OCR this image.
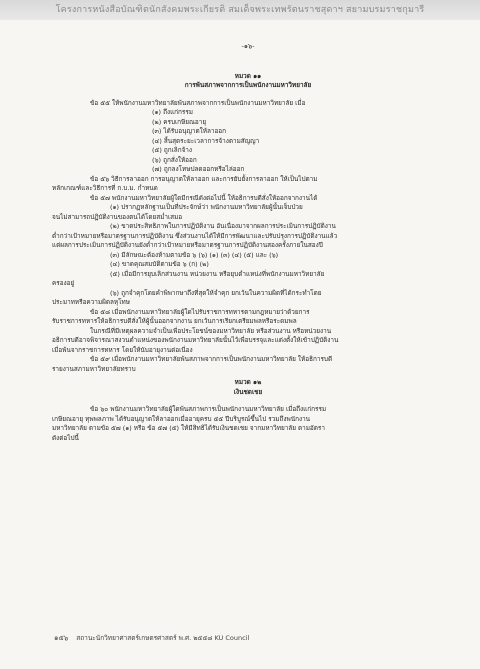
โครงการหนังสือบัณฑิตนักสังคมพระเกียรติ สมเด็จพระเทพรัตนราชสุดาฯ สยามบรมราชกุมารี
-๑๖-
หมวด ๑๑
การพ้นสภาพจากการเป็นพนักงานมหาวิทยาลัย

ข้อ ๕๕ ให้พนักงานมหาวิทยาลัยพ้นสภาพจากการเป็นพนักงานมหาวิทยาลัย เมื่อ

(๑) ถึงแก่กรรม

(๒) ครบเกษียณอายุ

(๓) ได้รับอนุญาตให้ลาออก

(๔) สิ้นสุดระยะเวลาการจ้างตามสัญญา

(๕) ถูกเลิกจ้าง

(๖) ถูกสั่งให้ออก

(๗) ถูกลงโทษปลดออกหรือไล่ออก

ข้อ ๕๖ วิธีการลาออก การอนุญาตให้ลาออก และการยับยั้งการลาออก ให้เป็นไปตาม

หลักเกณฑ์และวิธีการที่ ก.บ.ม. กำหนด

ข้อ ๕๗ พนักงานมหาวิทยาลัยผู้ใดมีกรณีดังต่อไปนี้ ให้อธิการบดีสั่งให้ออกจากงานได้

(๑) ปรากฏหลักฐานเป็นที่ประจักษ์ว่า พนักงานมหาวิทยาลัยผู้นั้นเจ็บป่วย

จนไม่สามารถปฏิบัติงานของตนได้โดยสม่ำเสมอ

(๒) ขาดประสิทธิภาพในการปฏิบัติงาน อันเนื่องมาจากผลการประเมินการปฏิบัติงาน

ต่ำกว่าเป้าหมายหรือมาตรฐานการปฏิบัติงาน ซึ่งส่วนงานได้ให้มีการพัฒนาและปรับปรุงการปฏิบัติงานแล้ว

แต่ผลการประเมินการปฏิบัติงานยังต่ำกว่าเป้าหมายหรือมาตรฐานการปฏิบัติงานสองครั้งภายในสองปี

(๓) มีลักษณะต้องห้ามตามข้อ ๖ (๖) (๑) (๓) (๔) (๕) และ (๖)

(๔) ขาดคุณสมบัติตามข้อ ๖ (ก) (๒)

(๕) เมื่อมีการยุบเลิกส่วนงาน หน่วยงาน หรือยุบตำแหน่งที่พนักงานมหาวิทยาลัย

ครองอยู่

(๖) ถูกจำคุกโดยคำพิพากษาถึงที่สุดให้จำคุก ยกเว้นในความผิดที่ได้กระทำโดย

ประมาทหรือความผิดลหุโทษ

ข้อ ๕๘ เมื่อพนักงานมหาวิทยาลัยผู้ใดไปรับราชการทหารตามกฎหมายว่าด้วยการ

รับราชการทหารให้อธิการบดีสั่งให้ผู้นั้นออกจากงาน ยกเว้นการเรียกเตรียมพลหรือระดมพล

ในกรณีที่มีเหตุผลความจำเป็นเพื่อประโยชน์ของมหาวิทยาลัย หรือส่วนงาน หรือหน่วยงาน

อธิการบดีอาจพิจารณาสงวนตำแหน่งของพนักงานมหาวิทยาลัยนั้นไว้เพื่อบรรจุและแต่งตั้งให้เข้าปฏิบัติงาน

เมื่อพ้นจากราชการทหาร โดยให้นับอายุงานต่อเนื่อง

ข้อ ๕๙ เมื่อพนักงานมหาวิทยาลัยพ้นสภาพจากการเป็นพนักงานมหาวิทยาลัย ให้อธิการบดี

รายงานสภามหาวิทยาลัยทราบ

หมวด ๑๒
เงินชดเชย

ข้อ ๖๐ พนักงานมหาวิทยาลัยผู้ใดพ้นสภาพการเป็นพนักงานมหาวิทยาลัย เมื่อถึงแก่กรรม

เกษียณอายุ ทุพพลภาพ ได้รับอนุญาตให้ลาออกเมื่ออายุครบ ๕๕ ปีบริบูรณ์ขึ้นไป รวมถึงพนักงาน

มหาวิทยาลัย ตามข้อ ๕๗ (๑) หรือ ข้อ ๕๗ (๕) ให้มีสิทธิได้รับเงินชดเชย จากมหาวิทยาลัย ตามอัตรา

ดังต่อไปนี้

๑๕๖ สถานะนักวิทยาศาสตร์เกษตรศาสตร์ พ.ศ. ๒๕๕๘ KU Council
